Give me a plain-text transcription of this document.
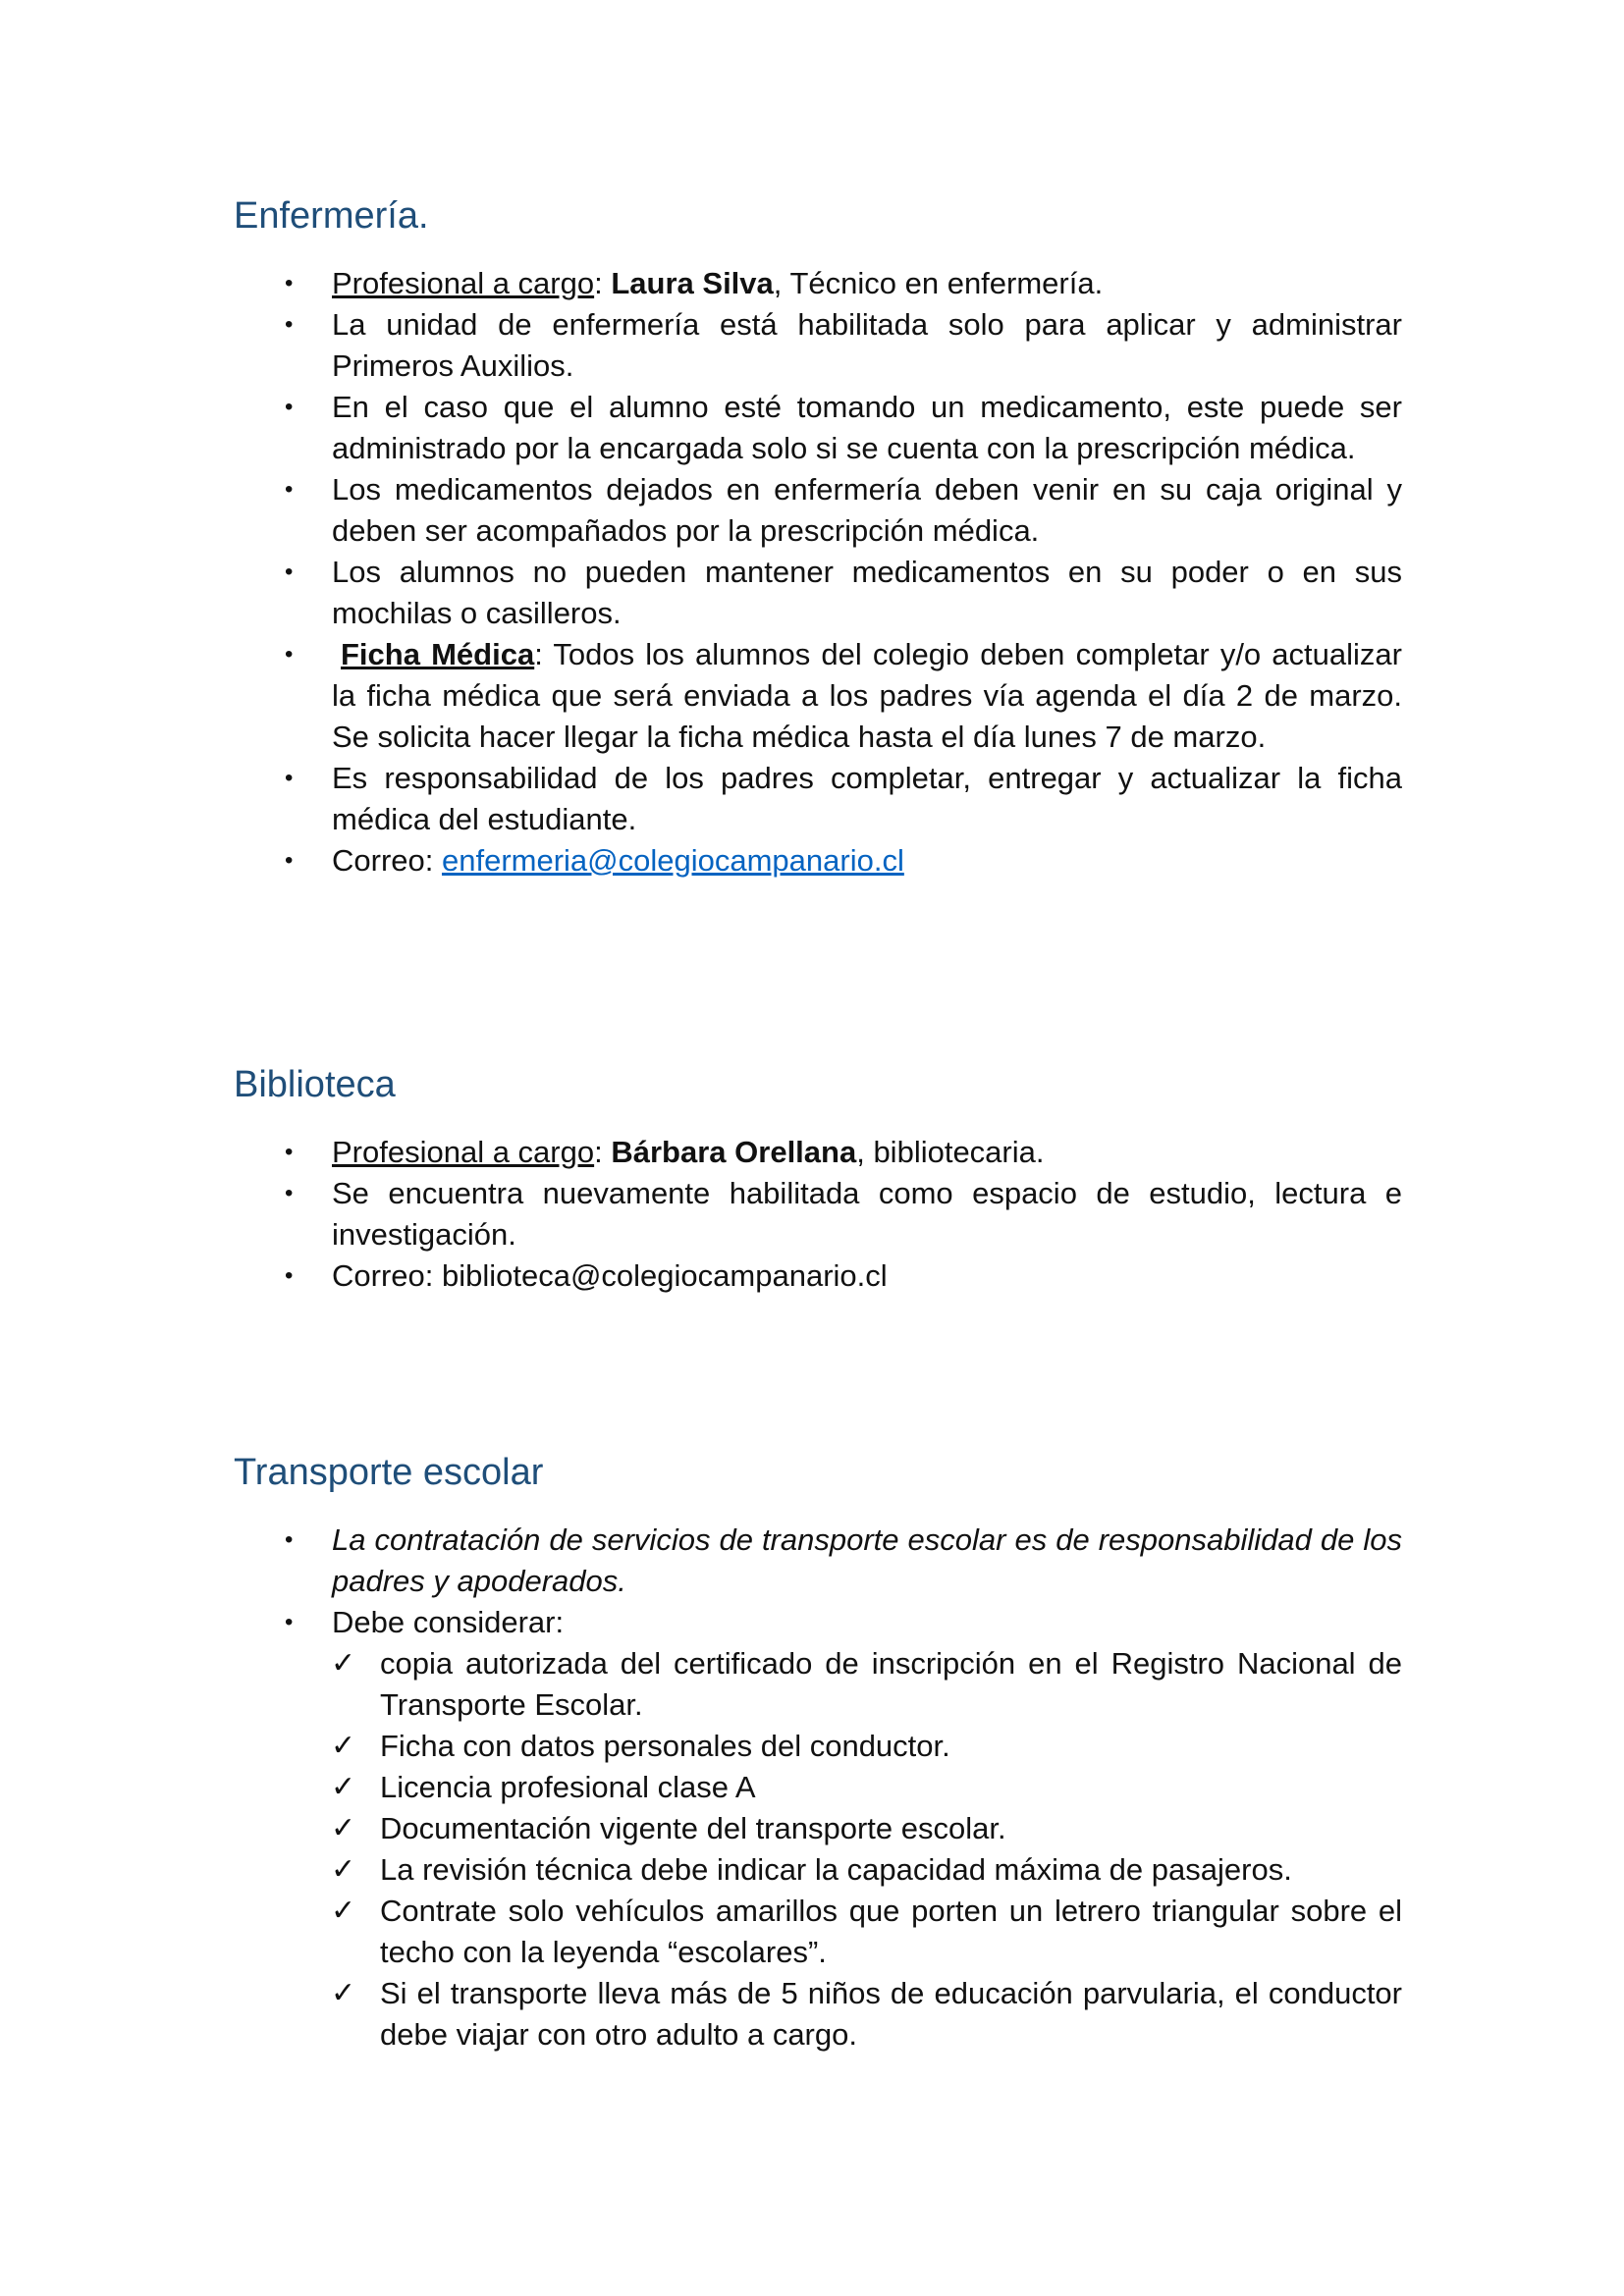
Enfermería.
• Profesional a cargo: Laura Silva, Técnico en enfermería.
• La unidad de enfermería está habilitada solo para aplicar y administrar Primeros Auxilios.
• En el caso que el alumno esté tomando un medicamento, este puede ser administrado por la encargada solo si se cuenta con la prescripción médica.
• Los medicamentos dejados en enfermería deben venir en su caja original y deben ser acompañados por la prescripción médica.
• Los alumnos no pueden mantener medicamentos en su poder o en sus mochilas o casilleros.
• Ficha Médica: Todos los alumnos del colegio deben completar y/o actualizar la ficha médica que será enviada a los padres vía agenda el día 2 de marzo. Se solicita hacer llegar la ficha médica hasta el día lunes 7 de marzo.
• Es responsabilidad de los padres completar, entregar y actualizar la ficha médica del estudiante.
• Correo: enfermeria@colegiocampanario.cl
Biblioteca
• Profesional a cargo: Bárbara Orellana, bibliotecaria.
• Se encuentra nuevamente habilitada como espacio de estudio, lectura e investigación.
• Correo: biblioteca@colegiocampanario.cl
Transporte escolar
• La contratación de servicios de transporte escolar es de responsabilidad de los padres y apoderados.
• Debe considerar:
✓ copia autorizada del certificado de inscripción en el Registro Nacional de Transporte Escolar.
✓ Ficha con datos personales del conductor.
✓ Licencia profesional clase A
✓ Documentación vigente del transporte escolar.
✓ La revisión técnica debe indicar la capacidad máxima de pasajeros.
✓ Contrate solo vehículos amarillos que porten un letrero triangular sobre el techo con la leyenda “escolares”.
✓ Si el transporte lleva más de 5 niños de educación parvularia, el conductor debe viajar con otro adulto a cargo.
